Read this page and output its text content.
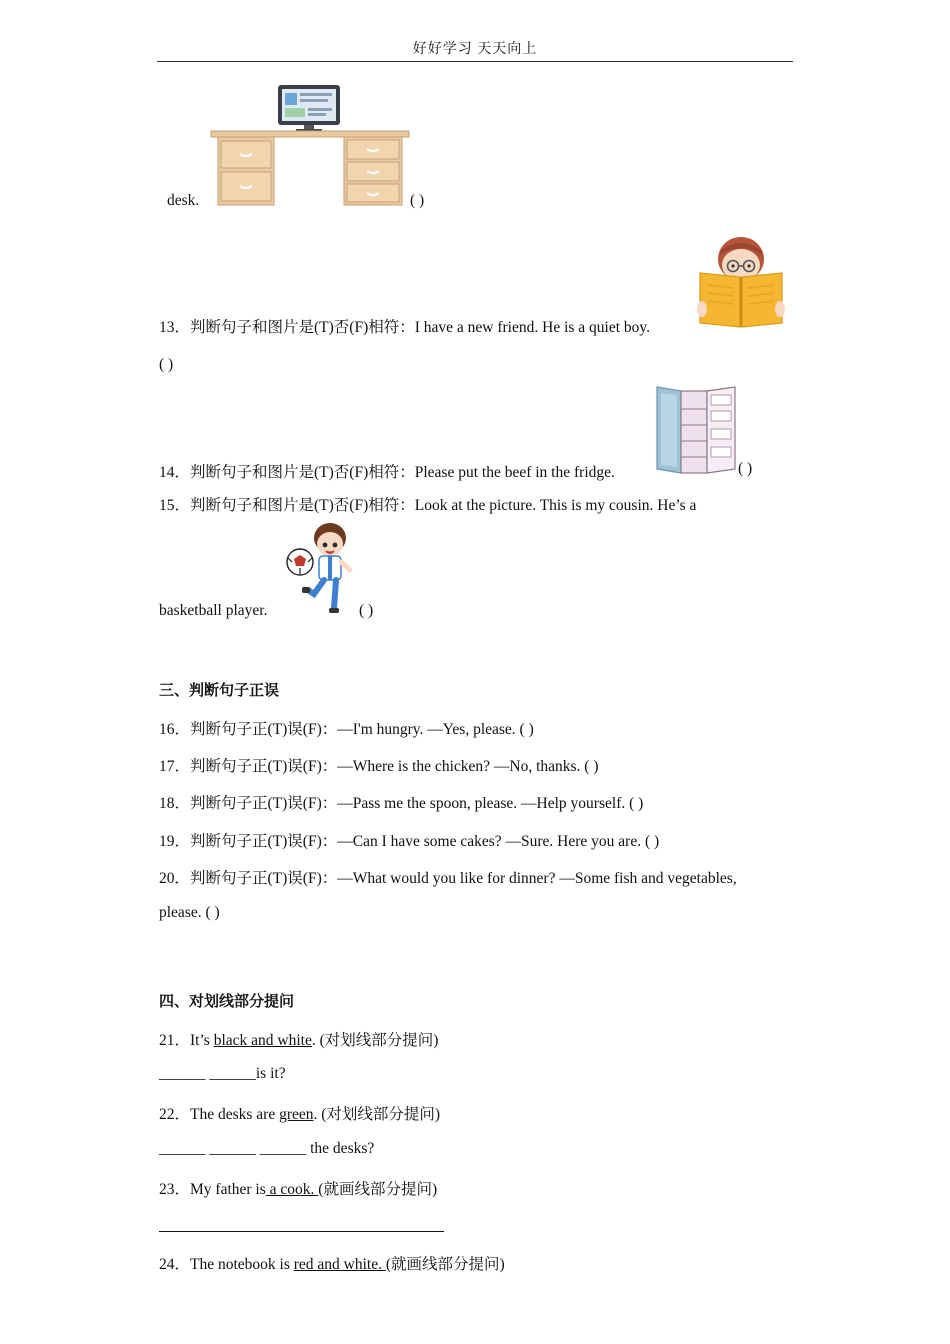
好好学习 天天向上
desk.	( )
13．判断句子和图片是(T)否(F)相符：I have a new friend. He is a quiet boy.
( )
14．判断句子和图片是(T)否(F)相符：Please put the beef in the fridge.	( )
15．判断句子和图片是(T)否(F)相符：Look at the picture. This is my cousin. He’s a
basketball player.	( )
三、判断句子正误
16．判断句子正(T)误(F)：—I'm hungry. —Yes, please. ( )
17．判断句子正(T)误(F)：—Where is the chicken? —No, thanks. ( )
18．判断句子正(T)误(F)：—Pass me the spoon, please. —Help yourself. ( )
19．判断句子正(T)误(F)：—Can I have some cakes? —Sure. Here you are. ( )
20．判断句子正(T)误(F)：—What would you like for dinner? —Some fish and vegetables,
please. ( )
四、对划线部分提问
21．It’s black and white. (对划线部分提问)
______ ______is it?
22．The desks are green. (对划线部分提问)
______ ______ ______ the desks?
23．My father is a cook. (就画线部分提问)
24．The notebook is red and white. (就画线部分提问)
